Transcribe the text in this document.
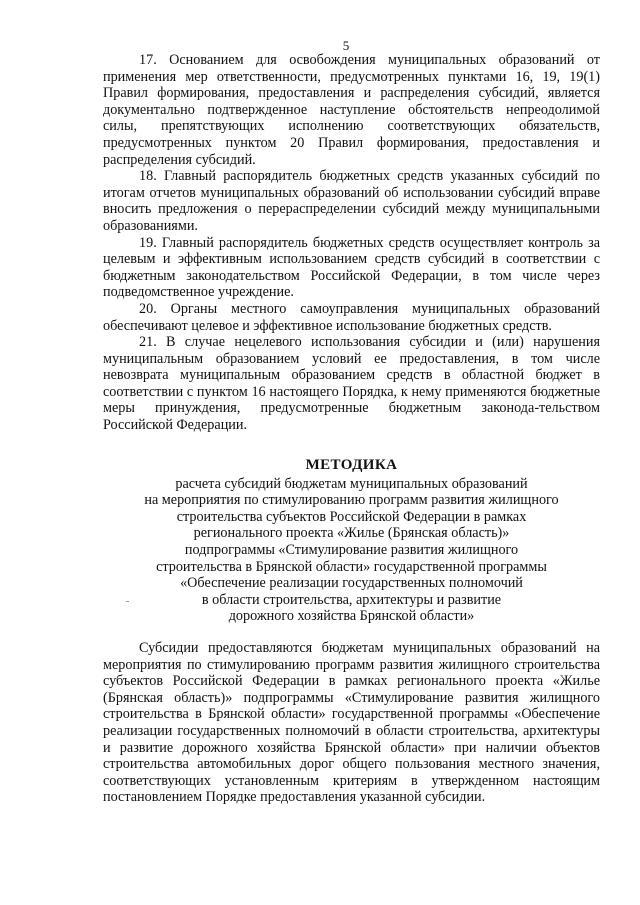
5

17. Основанием для освобождения муниципальных образований от применения мер ответственности, предусмотренных пунктами 16, 19, 19(1) Правил формирования, предоставления и распределения субсидий, является документально подтвержденное наступление обстоятельств непреодолимой силы, препятствующих исполнению соответствующих обязательств, предусмотренных пунктом 20 Правил формирования, предоставления и распределения субсидий.

18. Главный распорядитель бюджетных средств указанных субсидий по итогам отчетов муниципальных образований об использовании субсидий вправе вносить предложения о перераспределении субсидий между муниципальными образованиями.

19. Главный распорядитель бюджетных средств осуществляет контроль за целевым и эффективным использованием средств субсидий в соответствии с бюджетным законодательством Российской Федерации, в том числе через подведомственное учреждение.

20. Органы местного самоуправления муниципальных образований обеспечивают целевое и эффективное использование бюджетных средств.

21. В случае нецелевого использования субсидии и (или) нарушения муниципальным образованием условий ее предоставления, в том числе невозврата муниципальным образованием средств в областной бюджет в соответствии с пунктом 16 настоящего Порядка, к нему применяются бюджетные меры принуждения, предусмотренные бюджетным законода-тельством Российской Федерации.

МЕТОДИКА

расчета субсидий бюджетам муниципальных образований

на мероприятия по стимулированию программ развития жилищного

строительства субъектов Российской Федерации в рамках

регионального проекта «Жилье (Брянская область)»

подпрограммы «Стимулирование развития жилищного

строительства в Брянской области» государственной программы

«Обеспечение реализации государственных полномочий

в области строительства, архитектуры и развитие

дорожного хозяйства Брянской области»

Субсидии предоставляются бюджетам муниципальных образований на мероприятия по стимулированию программ развития жилищного строительства субъектов Российской Федерации в рамках регионального проекта «Жилье (Брянская область)» подпрограммы «Стимулирование развития жилищного строительства в Брянской области» государственной программы «Обеспечение реализации государственных полномочий в области строительства, архитектуры и развитие дорожного хозяйства Брянской области» при наличии объектов строительства автомобильных дорог общего пользования местного значения, соответствующих установленным критериям в утвержденном настоящим постановлением Порядке предоставления указанной субсидии.
